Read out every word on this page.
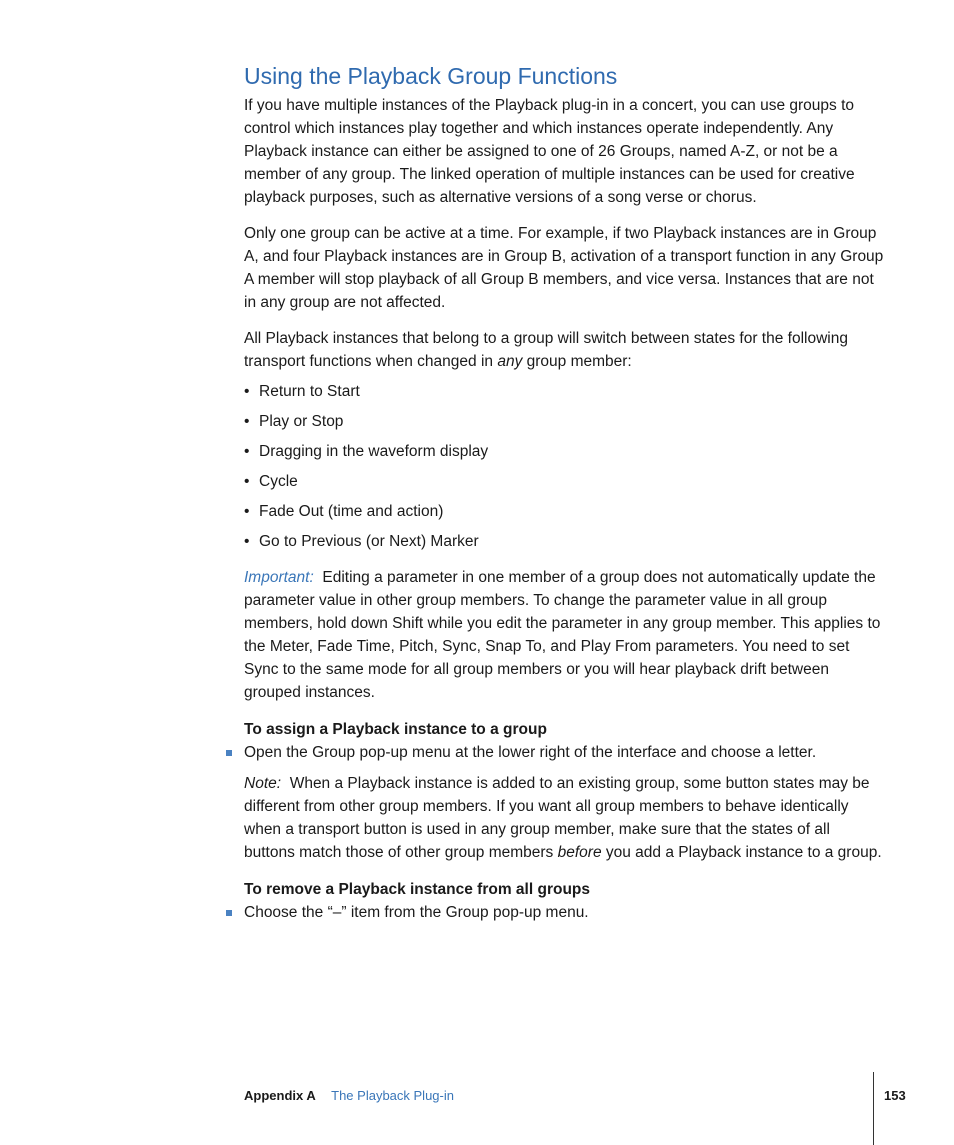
Using the Playback Group Functions

If you have multiple instances of the Playback plug-in in a concert, you can use groups to control which instances play together and which instances operate independently. Any Playback instance can either be assigned to one of 26 Groups, named A-Z, or not be a member of any group. The linked operation of multiple instances can be used for creative playback purposes, such as alternative versions of a song verse or chorus.

Only one group can be active at a time. For example, if two Playback instances are in Group A, and four Playback instances are in Group B, activation of a transport function in any Group A member will stop playback of all Group B members, and vice versa. Instances that are not in any group are not affected.

All Playback instances that belong to a group will switch between states for the following transport functions when changed in any group member:

• Return to Start
• Play or Stop
• Dragging in the waveform display
• Cycle
• Fade Out (time and action)
• Go to Previous (or Next) Marker

Important: Editing a parameter in one member of a group does not automatically update the parameter value in other group members. To change the parameter value in all group members, hold down Shift while you edit the parameter in any group member. This applies to the Meter, Fade Time, Pitch, Sync, Snap To, and Play From parameters. You need to set Sync to the same mode for all group members or you will hear playback drift between grouped instances.

To assign a Playback instance to a group
Open the Group pop-up menu at the lower right of the interface and choose a letter.

Note: When a Playback instance is added to an existing group, some button states may be different from other group members. If you want all group members to behave identically when a transport button is used in any group member, make sure that the states of all buttons match those of other group members before you add a Playback instance to a group.

To remove a Playback instance from all groups
Choose the “–” item from the Group pop-up menu.
Appendix A The Playback Plug-in	153
